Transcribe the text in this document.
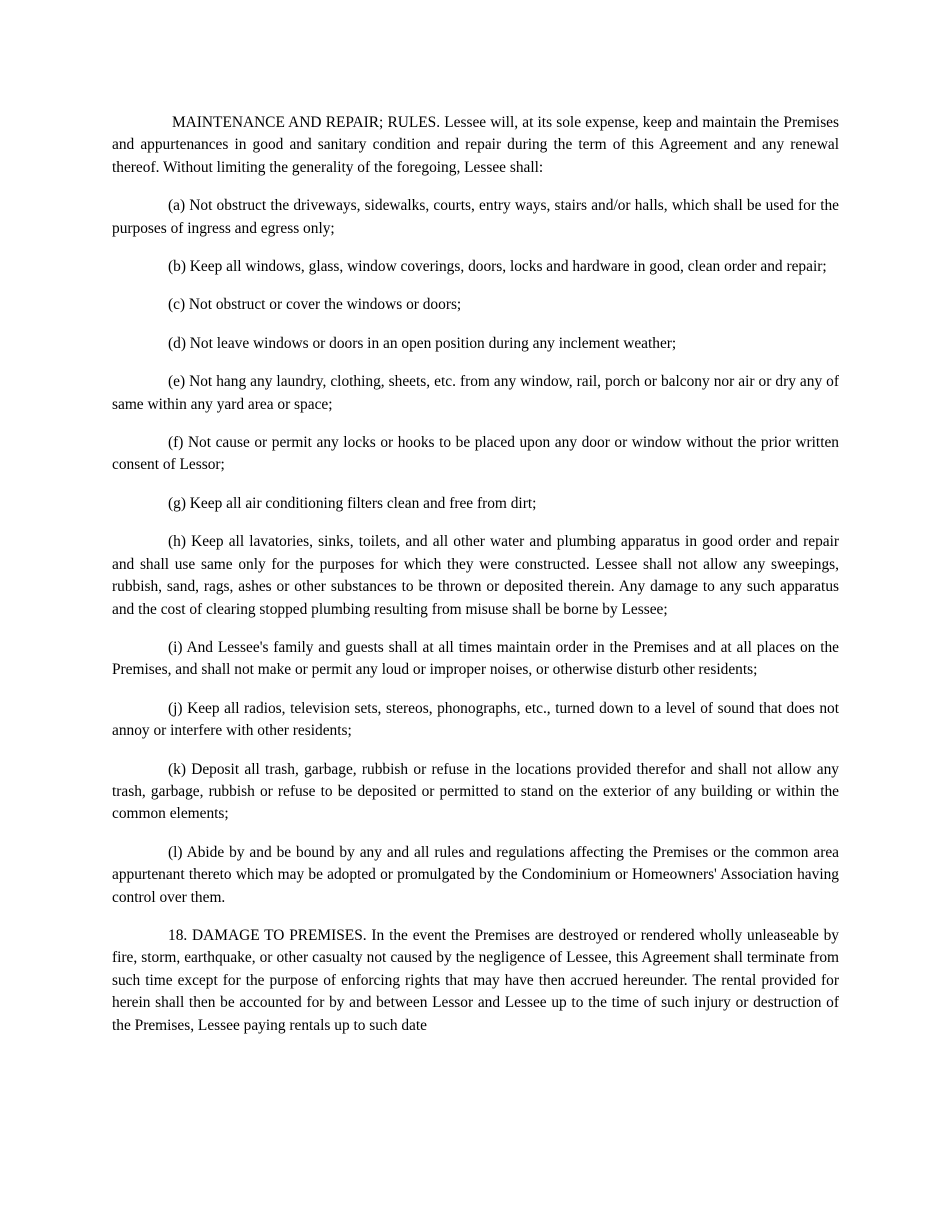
MAINTENANCE AND REPAIR; RULES. Lessee will, at its sole expense, keep and maintain the Premises and appurtenances in good and sanitary condition and repair during the term of this Agreement and any renewal thereof. Without limiting the generality of the foregoing, Lessee shall:

(a) Not obstruct the driveways, sidewalks, courts, entry ways, stairs and/or halls, which shall be used for the purposes of ingress and egress only;

(b) Keep all windows, glass, window coverings, doors, locks and hardware in good, clean order and repair;

(c) Not obstruct or cover the windows or doors;

(d) Not leave windows or doors in an open position during any inclement weather;

(e) Not hang any laundry, clothing, sheets, etc. from any window, rail, porch or balcony nor air or dry any of same within any yard area or space;

(f) Not cause or permit any locks or hooks to be placed upon any door or window without the prior written consent of Lessor;

(g) Keep all air conditioning filters clean and free from dirt;

(h) Keep all lavatories, sinks, toilets, and all other water and plumbing apparatus in good order and repair and shall use same only for the purposes for which they were constructed. Lessee shall not allow any sweepings, rubbish, sand, rags, ashes or other substances to be thrown or deposited therein. Any damage to any such apparatus and the cost of clearing stopped plumbing resulting from misuse shall be borne by Lessee;

(i) And Lessee's family and guests shall at all times maintain order in the Premises and at all places on the Premises, and shall not make or permit any loud or improper noises, or otherwise disturb other residents;

(j) Keep all radios, television sets, stereos, phonographs, etc., turned down to a level of sound that does not annoy or interfere with other residents;

(k) Deposit all trash, garbage, rubbish or refuse in the locations provided therefor and shall not allow any trash, garbage, rubbish or refuse to be deposited or permitted to stand on the exterior of any building or within the common elements;

(l) Abide by and be bound by any and all rules and regulations affecting the Premises or the common area appurtenant thereto which may be adopted or promulgated by the Condominium or Homeowners' Association having control over them.

18. DAMAGE TO PREMISES. In the event the Premises are destroyed or rendered wholly unleaseable by fire, storm, earthquake, or other casualty not caused by the negligence of Lessee, this Agreement shall terminate from such time except for the purpose of enforcing rights that may have then accrued hereunder. The rental provided for herein shall then be accounted for by and between Lessor and Lessee up to the time of such injury or destruction of the Premises, Lessee paying rentals up to such date
